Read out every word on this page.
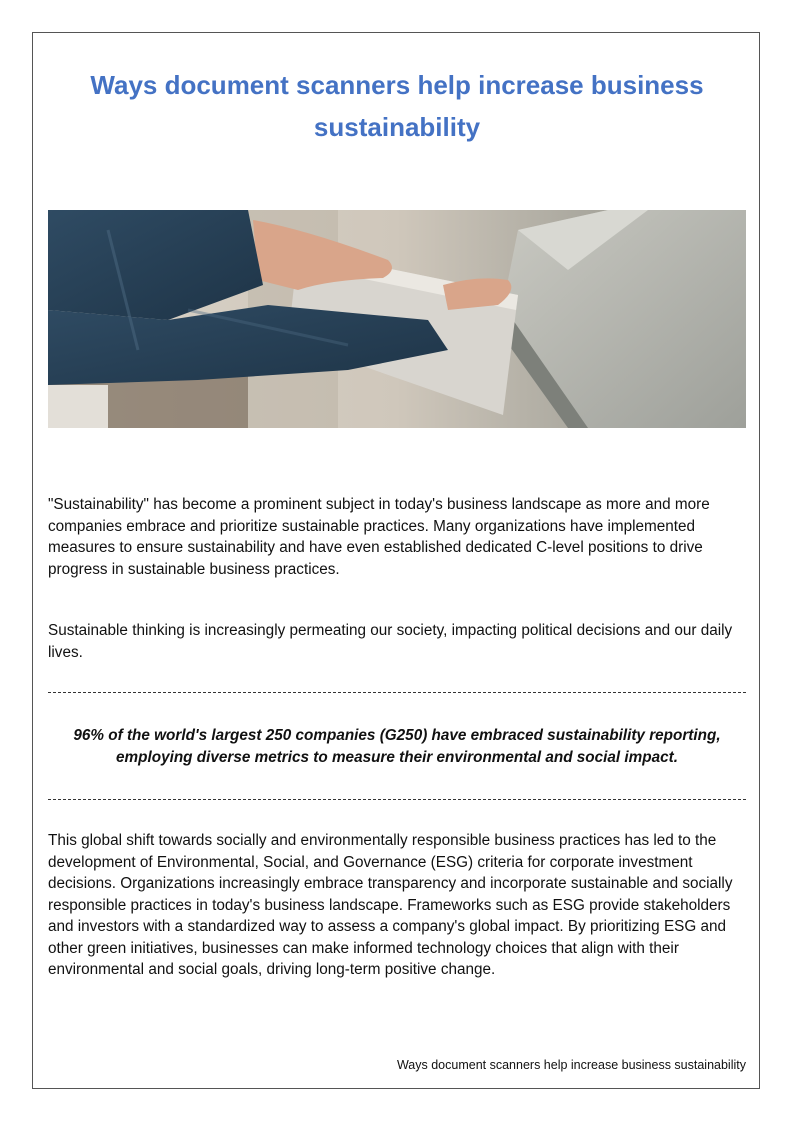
Ways document scanners help increase business sustainability

"Sustainability" has become a prominent subject in today's business landscape as more and more companies embrace and prioritize sustainable practices. Many organizations have implemented measures to ensure sustainability and have even established dedicated C-level positions to drive progress in sustainable business practices.

Sustainable thinking is increasingly permeating our society, impacting political decisions and our daily lives.

96% of the world's largest 250 companies (G250) have embraced sustainability reporting, employing diverse metrics to measure their environmental and social impact.

This global shift towards socially and environmentally responsible business practices has led to the development of Environmental, Social, and Governance (ESG) criteria for corporate investment decisions. Organizations increasingly embrace transparency and incorporate sustainable and socially responsible practices in today's business landscape. Frameworks such as ESG provide stakeholders and investors with a standardized way to assess a company's global impact. By prioritizing ESG and other green initiatives, businesses can make informed technology choices that align with their environmental and social goals, driving long-term positive change.

Ways document scanners help increase business sustainability
